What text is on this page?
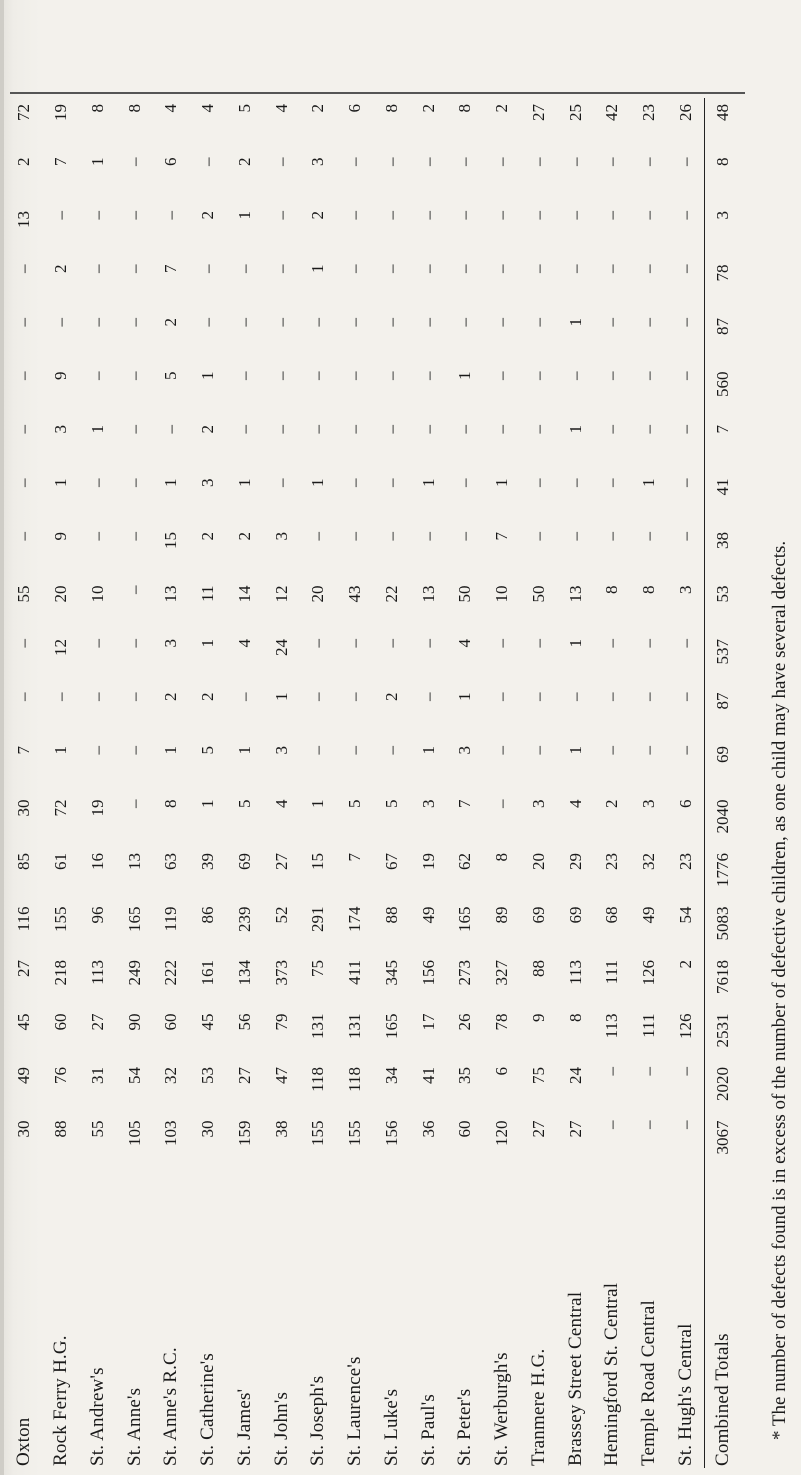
Oxton	30	49	45	27	116	85	30	7	–	–	55	–	–	–	–	–	–	13	2	72
Rock Ferry H.G.	88	76	60	218	155	61	72	1	–	12	20	9	1	3	9	–	2	–	7	19
St. Andrew's	55	31	27	113	96	16	19	–	–	–	10	–	–	1	–	–	–	–	1	8
St. Anne's	105	54	90	249	165	13	–	–	–	–	–	–	–	–	–	–	–	–	–	8
St. Anne's R.C.	103	32	60	222	119	63	8	1	2	3	13	15	1	–	5	2	7	–	6	4
St. Catherine's	30	53	45	161	86	39	1	5	2	1	11	2	3	2	1	–	–	2	–	4
St. James'	159	27	56	134	239	69	5	1	–	4	14	2	1	–	–	–	–	1	2	5
St. John's	38	47	79	373	52	27	4	3	1	24	12	3	–	–	–	–	–	–	–	4
St. Joseph's	155	118	131	75	291	15	1	–	–	–	20	–	1	–	–	–	1	2	3	2
St. Laurence's	155	118	131	411	174	7	5	–	–	–	43	–	–	–	–	–	–	–	–	6
St. Luke's	156	34	165	345	88	67	5	–	2	–	22	–	–	–	–	–	–	–	–	8
St. Paul's	36	41	17	156	49	19	3	1	–	–	13	–	1	–	–	–	–	–	–	2
St. Peter's	60	35	26	273	165	62	7	3	1	4	50	–	–	–	1	–	–	–	–	8
St. Werburgh's	120	6	78	327	89	8	–	–	–	–	10	7	1	–	–	–	–	–	–	2
Tranmere H.G.	27	75	9	88	69	20	3	–	–	–	50	–	–	–	–	–	–	–	–	27
Brassey Street Central	27	24	8	113	69	29	4	1	–	1	13	–	–	1	–	1	–	–	–	25
Hemingford St. Central	–	–	113	111	68	23	2	–	–	–	8	–	–	–	–	–	–	–	–	42
Temple Road Central	–	–	111	126	49	32	3	–	–	–	8	–	1	–	–	–	–	–	–	23
St. Hugh's Central	–	–	126	2	54	23	6	–	–	–	3	–	–	–	–	–	–	–	–	26
Combined Totals	3067	2020	2531	7618	5083	1776	2040	69	87	537	53	38	41	7	560	87	78	3	8	48
* The number of defects found is in excess of the number of defective children, as one child may have several defects.
